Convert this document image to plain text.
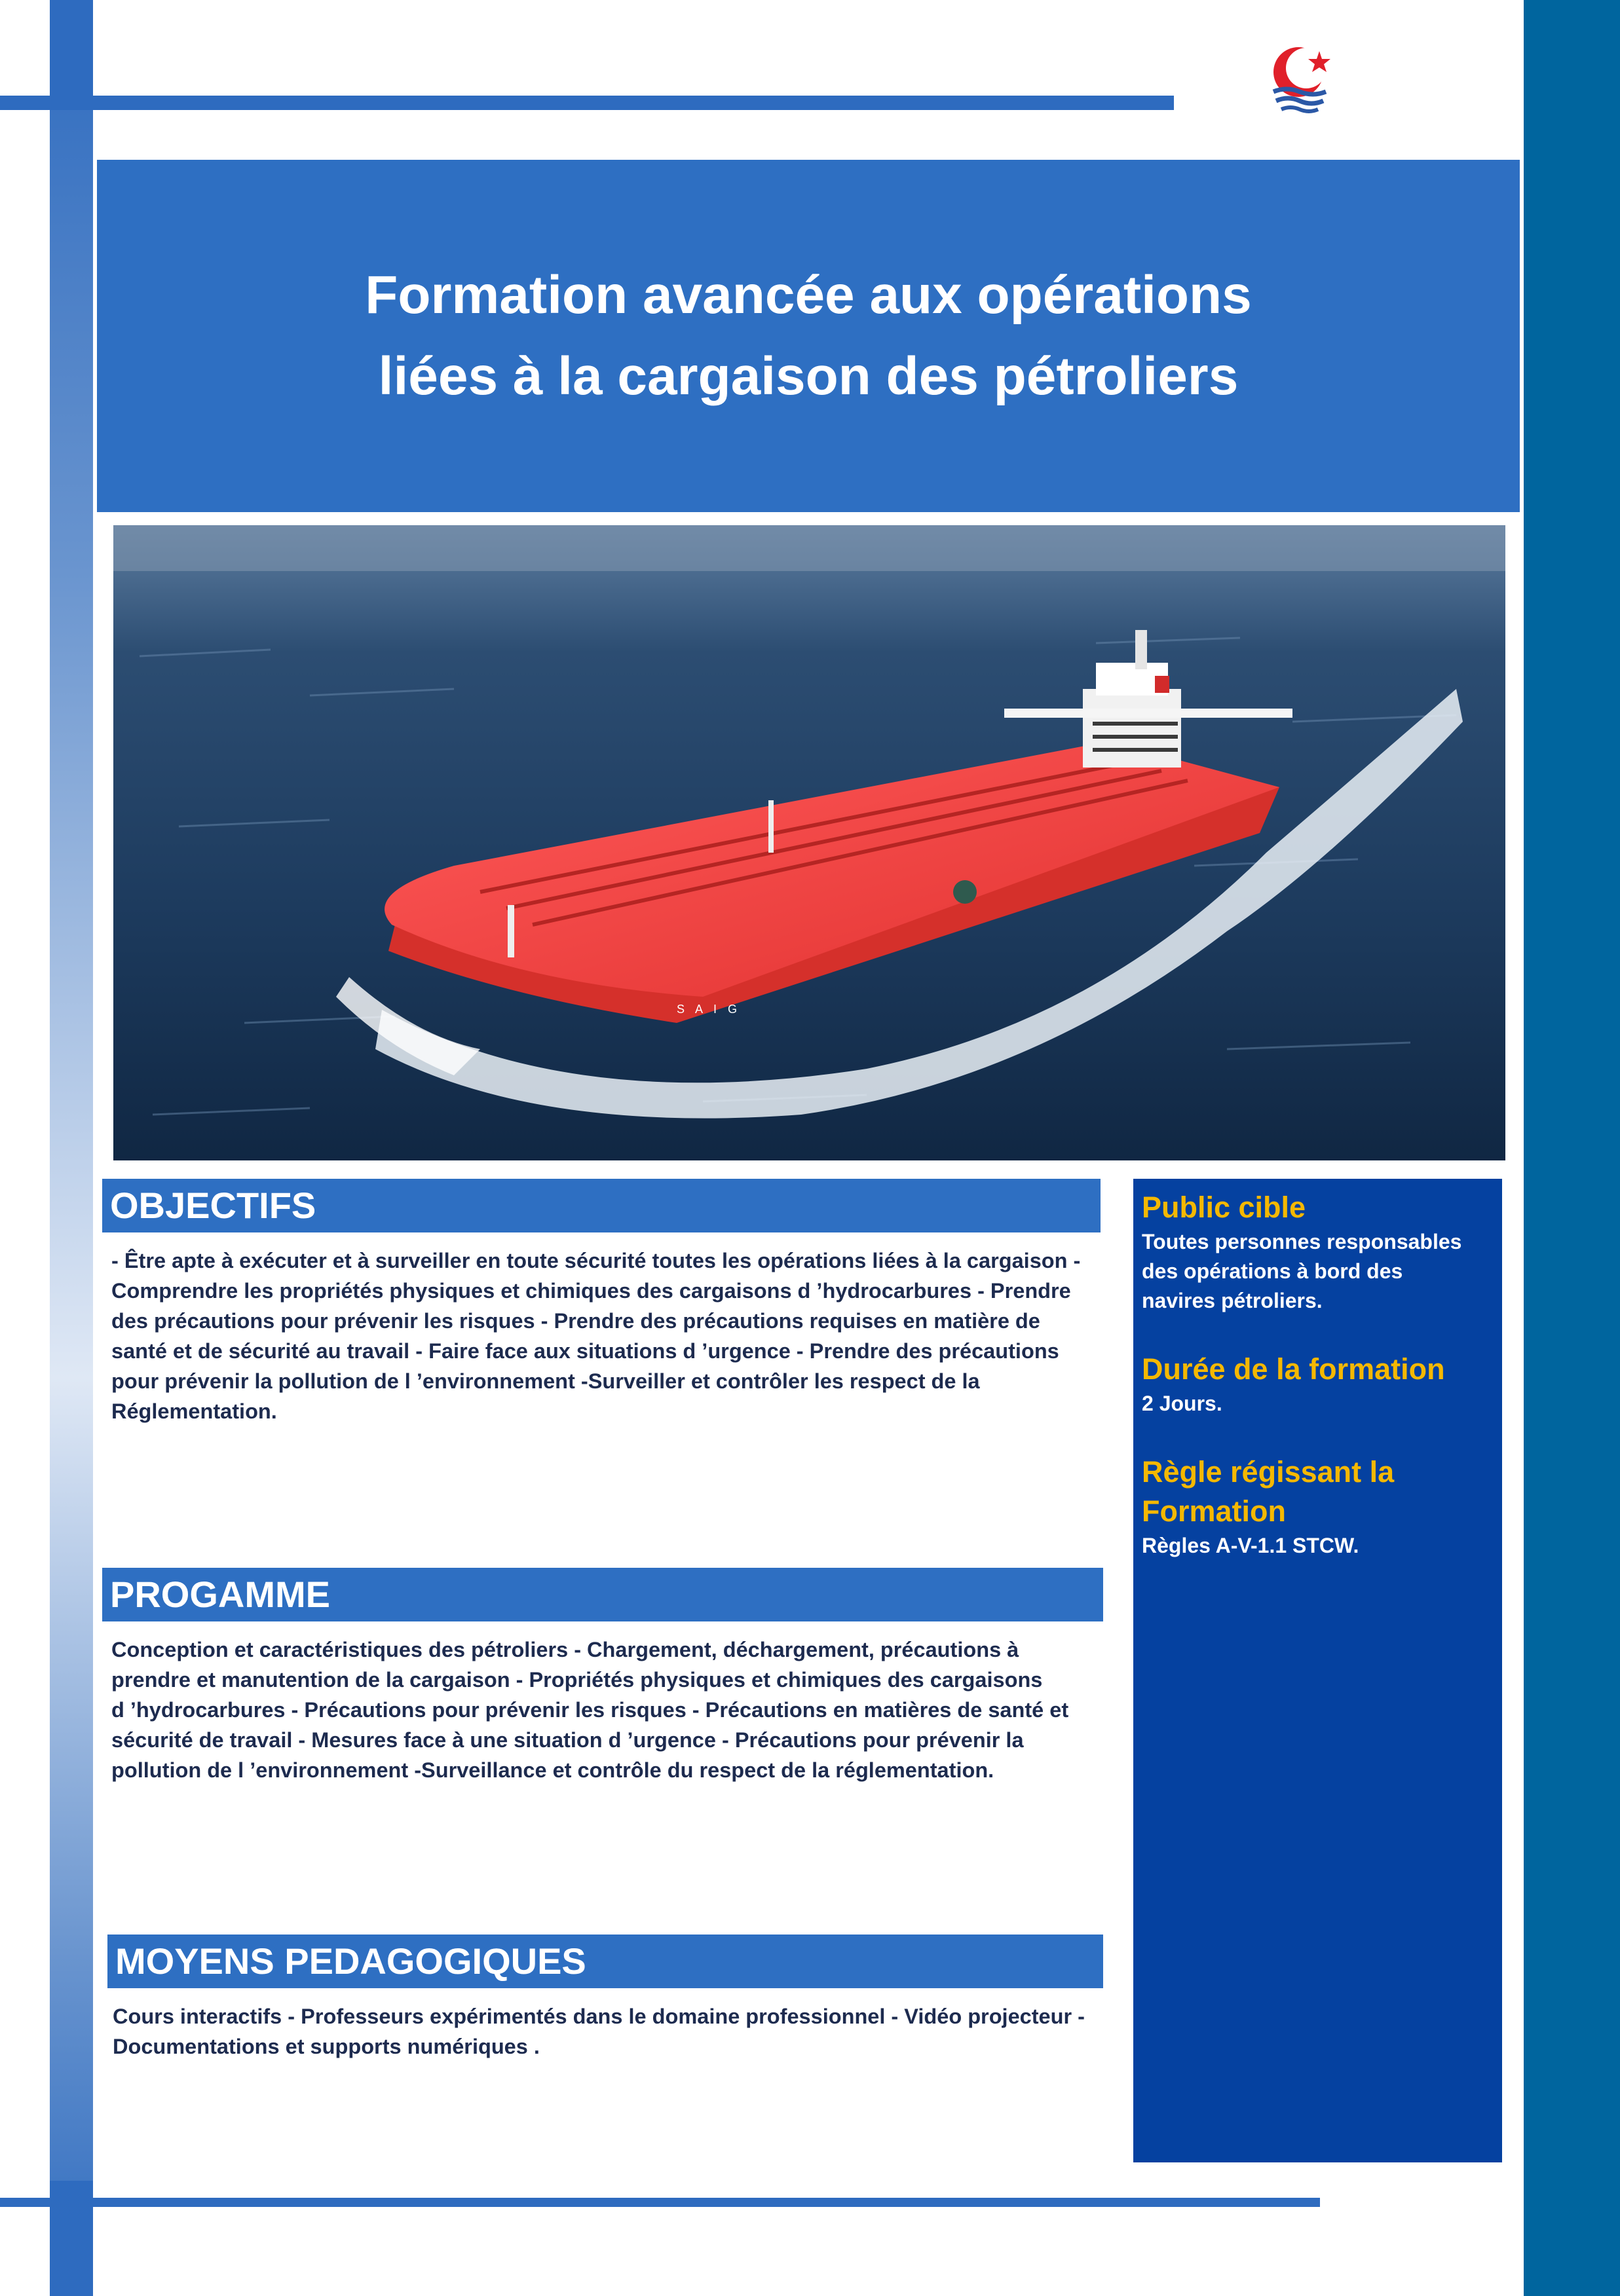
Formation avancée aux opérations
liées à la cargaison des pétroliers
S A I G
OBJECTIFS
- Être apte à exécuter et à surveiller en toute sécurité toutes les opérations liées à la cargaison -
Comprendre les propriétés physiques et chimiques des cargaisons d ’hydrocarbures - Prendre
des précautions pour prévenir les risques - Prendre des précautions requises en matière de
santé et de sécurité au travail - Faire face aux situations d ’urgence - Prendre des précautions
pour prévenir la pollution de l ’environnement -Surveiller et contrôler les respect de la
Réglementation.
PROGAMME
Conception et caractéristiques des pétroliers - Chargement, déchargement, précautions à
prendre et manutention de la cargaison - Propriétés physiques et chimiques des cargaisons
d ’hydrocarbures - Précautions pour prévenir les risques - Précautions en matières de santé et
sécurité de travail - Mesures face à une situation d ’urgence - Précautions pour prévenir la
pollution de l ’environnement -Surveillance et contrôle du respect de la réglementation.
MOYENS PEDAGOGIQUES
Cours interactifs - Professeurs expérimentés dans le domaine professionnel - Vidéo projecteur -
Documentations et supports numériques .
Public cible
Toutes personnes responsables
des opérations à bord des
navires pétroliers.
Durée de la formation
2 Jours.
Règle régissant la
Formation
Règles A-V-1.1 STCW.
